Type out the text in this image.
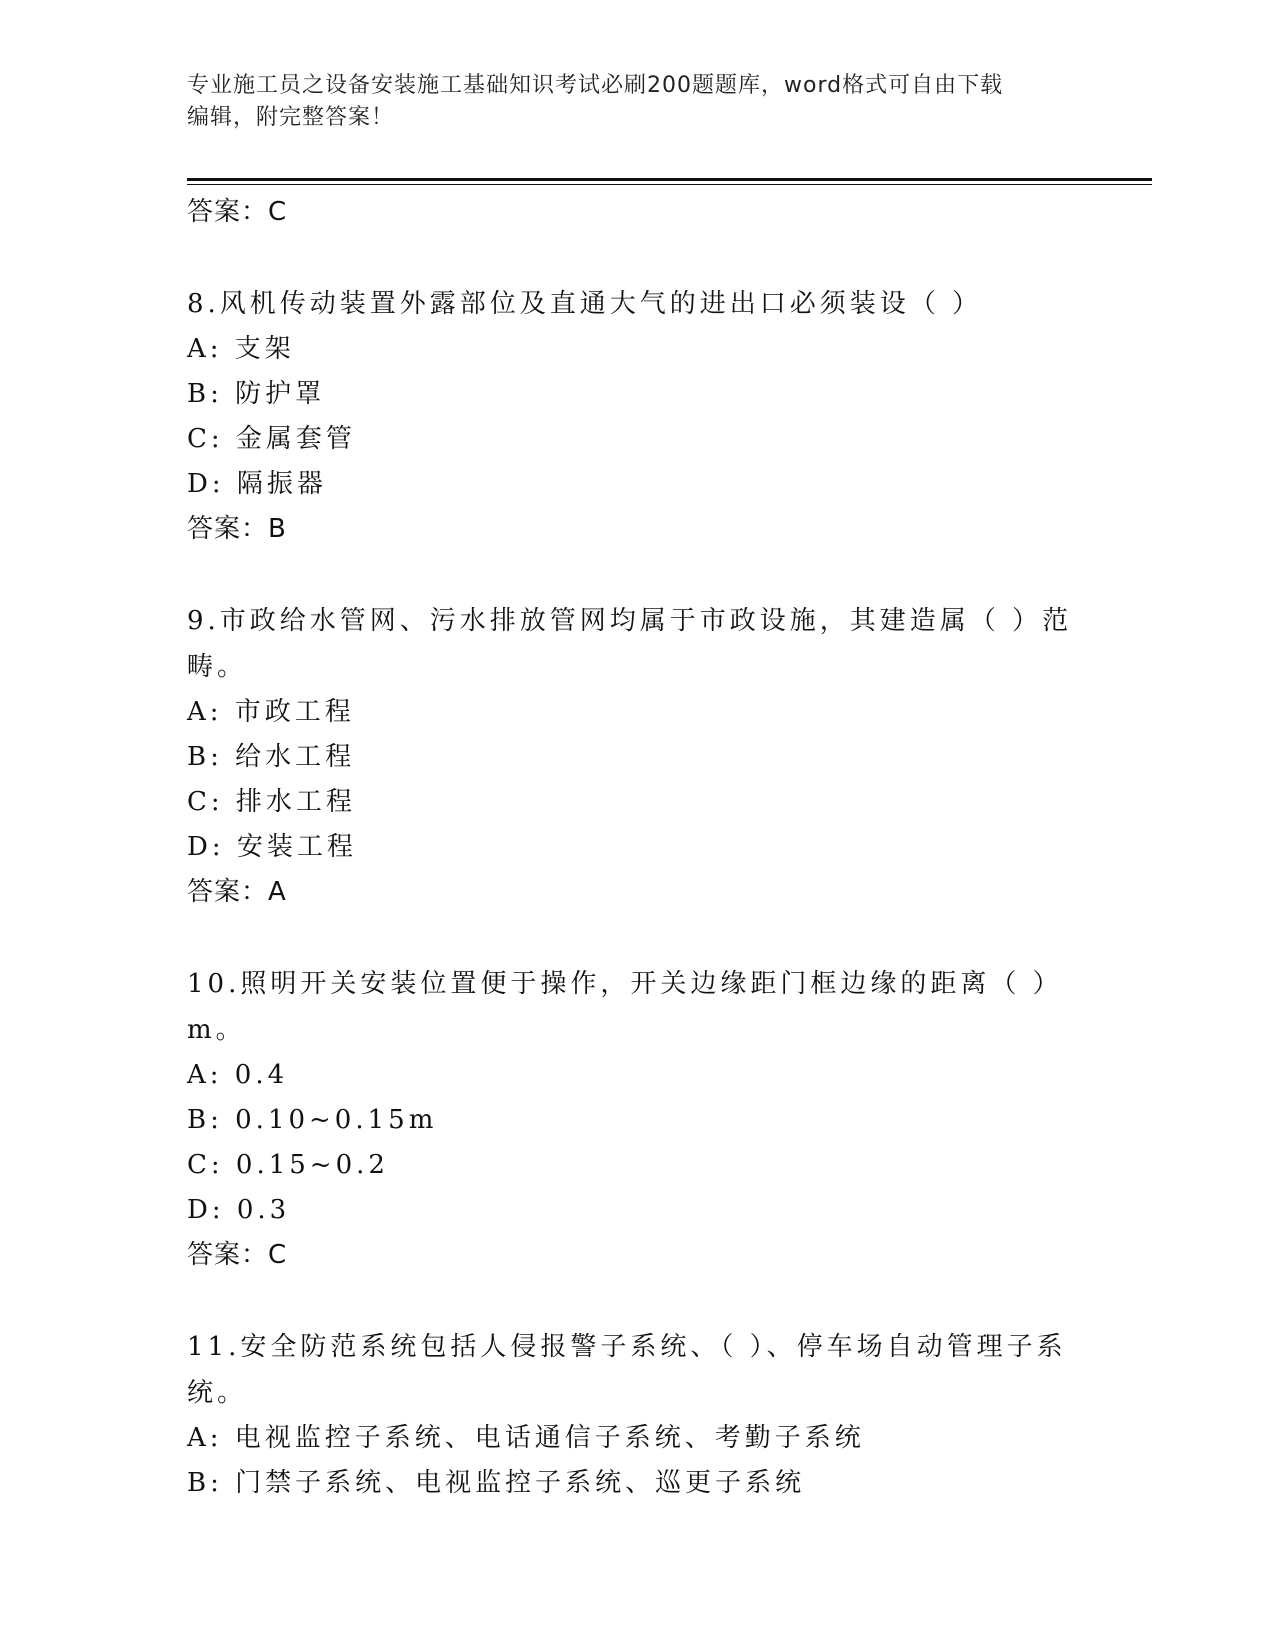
专业施工员之设备安装施工基础知识考试必刷200题题库，word格式可自由下载
编辑，附完整答案！
答案：C
8.风机传动装置外露部位及直通大气的进出口必须装设（ ）
A: 支架
B: 防护罩
C: 金属套管
D: 隔振器
答案：B
9.市政给水管网、污水排放管网均属于市政设施，其建造属（ ）范畴。
A: 市政工程
B: 给水工程
C: 排水工程
D: 安装工程
答案：A
10.照明开关安装位置便于操作，开关边缘距门框边缘的距离（ ）m。
A: 0.4
B: 0.10~0.15m
C: 0.15~0.2
D: 0.3
答案：C
11.安全防范系统包括人侵报警子系统、（ ）、停车场自动管理子系统。
A: 电视监控子系统、电话通信子系统、考勤子系统
B: 门禁子系统、电视监控子系统、巡更子系统
